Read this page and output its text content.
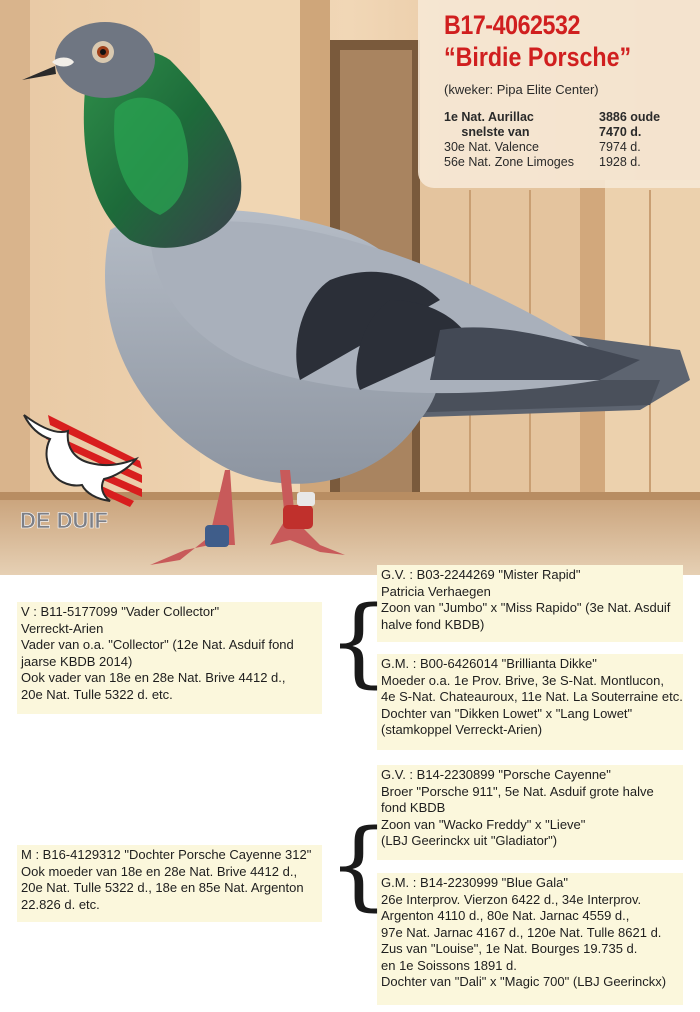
B17-4062532
“Birdie Porsche”
(kweker: Pipa Elite Center)
1e Nat. Aurillac	3886 oude
snelste van	7470 d.
30e Nat. Valence	7974 d.
56e Nat. Zone Limoges 1928 d.
DE DUIF
V : B11-5177099 "Vader Collector"
Verreckt-Arien
Vader van o.a. "Collector" (12e Nat. Asduif fond
jaarse KBDB 2014)
Ook vader van 18e en 28e Nat. Brive 4412 d.,
20e Nat. Tulle 5322 d. etc.
G.V. : B03-2244269 "Mister Rapid"
Patricia Verhaegen
Zoon van "Jumbo" x "Miss Rapido" (3e Nat. Asduif
halve fond KBDB)
G.M. : B00-6426014 "Brillianta Dikke"
Moeder o.a. 1e Prov. Brive, 3e S-Nat. Montlucon,
4e S-Nat. Chateauroux, 11e Nat. La Souterraine etc.
Dochter van "Dikken Lowet" x "Lang Lowet"
(stamkoppel Verreckt-Arien)
M : B16-4129312 "Dochter Porsche Cayenne 312"
Ook moeder van 18e en 28e Nat. Brive 4412 d.,
20e Nat. Tulle 5322 d., 18e en 85e Nat. Argenton
22.826 d. etc.
G.V. : B14-2230899 "Porsche Cayenne"
Broer "Porsche 911", 5e Nat. Asduif grote halve
fond KBDB
Zoon van "Wacko Freddy" x "Lieve"
(LBJ Geerinckx uit "Gladiator")
G.M. : B14-2230999 "Blue Gala"
26e Interprov. Vierzon 6422 d., 34e Interprov.
Argenton 4110 d., 80e Nat. Jarnac 4559 d.,
97e Nat. Jarnac 4167 d., 120e Nat. Tulle 8621 d.
Zus van "Louise", 1e Nat. Bourges 19.735 d.
en 1e Soissons 1891 d.
Dochter van "Dali" x "Magic 700" (LBJ Geerinckx)
{
{
